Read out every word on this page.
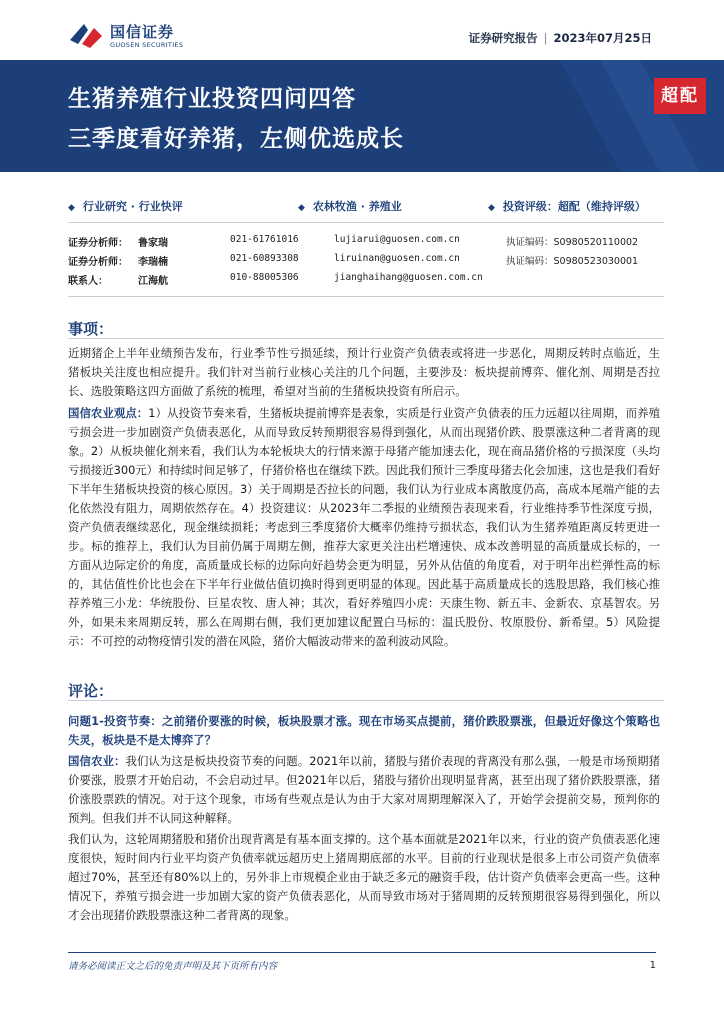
国信证券
GUOSEN SECURITIES	证券研究报告 | 2023年07月25日
生猪养殖行业投资四问四答
三季度看好养猪，左侧优选成长
超配
◆ 行业研究 · 行业快评	◆ 农林牧渔 · 养殖业	◆ 投资评级：超配（维持评级）
证券分析师： 鲁家瑞	021-61761016	lujiarui@guosen.com.cn	执证编码：S0980520110002
证券分析师： 李瑞楠	021-60893308	liruinan@guosen.com.cn	执证编码：S0980523030001
联系人：	江海航	010-88005306	jianghaihang@guosen.com.cn
事项：
近期猪企上半年业绩预告发布，行业季节性亏损延续，预计行业资产负债表或将进一步恶化，周期反转时点临近，生猪板块关注度也相应提升。我们针对当前行业核心关注的几个问题，主要涉及：板块提前博弈、催化剂、周期是否拉长、选股策略这四方面做了系统的梳理，希望对当前的生猪板块投资有所启示。
国信农业观点：1）从投资节奏来看，生猪板块提前博弈是表象，实质是行业资产负债表的压力远超以往周期，而养殖亏损会进一步加剧资产负债表恶化，从而导致反转预期很容易得到强化，从而出现猪价跌、股票涨这种二者背离的现象。2）从板块催化剂来看，我们认为本轮板块大的行情来源于母猪产能加速去化，现在商品猪价格的亏损深度（头均亏损接近300元）和持续时间足够了，仔猪价格也在继续下跌。因此我们预计三季度母猪去化会加速，这也是我们看好下半年生猪板块投资的核心原因。3）关于周期是否拉长的问题，我们认为行业成本离散度仍高，高成本尾端产能的去化依然没有阻力，周期依然存在。4）投资建议：从2023年二季报的业绩预告表现来看，行业维持季节性深度亏损，资产负债表继续恶化，现金继续损耗；考虑到三季度猪价大概率仍维持亏损状态，我们认为生猪养殖距离反转更进一步。标的推荐上，我们认为目前仍属于周期左侧，推荐大家更关注出栏增速快、成本改善明显的高质量成长标的，一方面从边际定价的角度，高质量成长标的边际向好趋势会更为明显，另外从估值的角度看，对于明年出栏弹性高的标的，其估值性价比也会在下半年行业做估值切换时得到更明显的体现。因此基于高质量成长的选股思路，我们核心推荐养殖三小龙：华统股份、巨星农牧、唐人神；其次，看好养殖四小虎：天康生物、新五丰、金新农、京基智农。另外，如果未来周期反转，那么在周期右侧，我们更加建议配置白马标的：温氏股份、牧原股份、新希望。5）风险提示：不可控的动物疫情引发的潜在风险，猪价大幅波动带来的盈利波动风险。
评论：
问题1-投资节奏：之前猪价要涨的时候，板块股票才涨。现在市场买点提前，猪价跌股票涨，但最近好像这个策略也失灵，板块是不是太博弈了？
国信农业：我们认为这是板块投资节奏的问题。2021年以前，猪股与猪价表现的背离没有那么强，一般是市场预期猪价要涨，股票才开始启动，不会启动过早。但2021年以后，猪股与猪价出现明显背离，甚至出现了猪价跌股票涨，猪价涨股票跌的情况。对于这个现象，市场有些观点是认为由于大家对周期理解深入了，开始学会提前交易，预判你的预判。但我们并不认同这种解释。
我们认为，这轮周期猪股和猪价出现背离是有基本面支撑的。这个基本面就是2021年以来，行业的资产负债表恶化速度很快，短时间内行业平均资产负债率就远超历史上猪周期底部的水平。目前的行业现状是很多上市公司资产负债率超过70%，甚至还有80%以上的，另外非上市规模企业由于缺乏多元的融资手段，估计资产负债率会更高一些。这种情况下，养殖亏损会进一步加剧大家的资产负债表恶化，从而导致市场对于猪周期的反转预期很容易得到强化，所以才会出现猪价跌股票涨这种二者背离的现象。
请务必阅读正文之后的免责声明及其下页所有内容	1
